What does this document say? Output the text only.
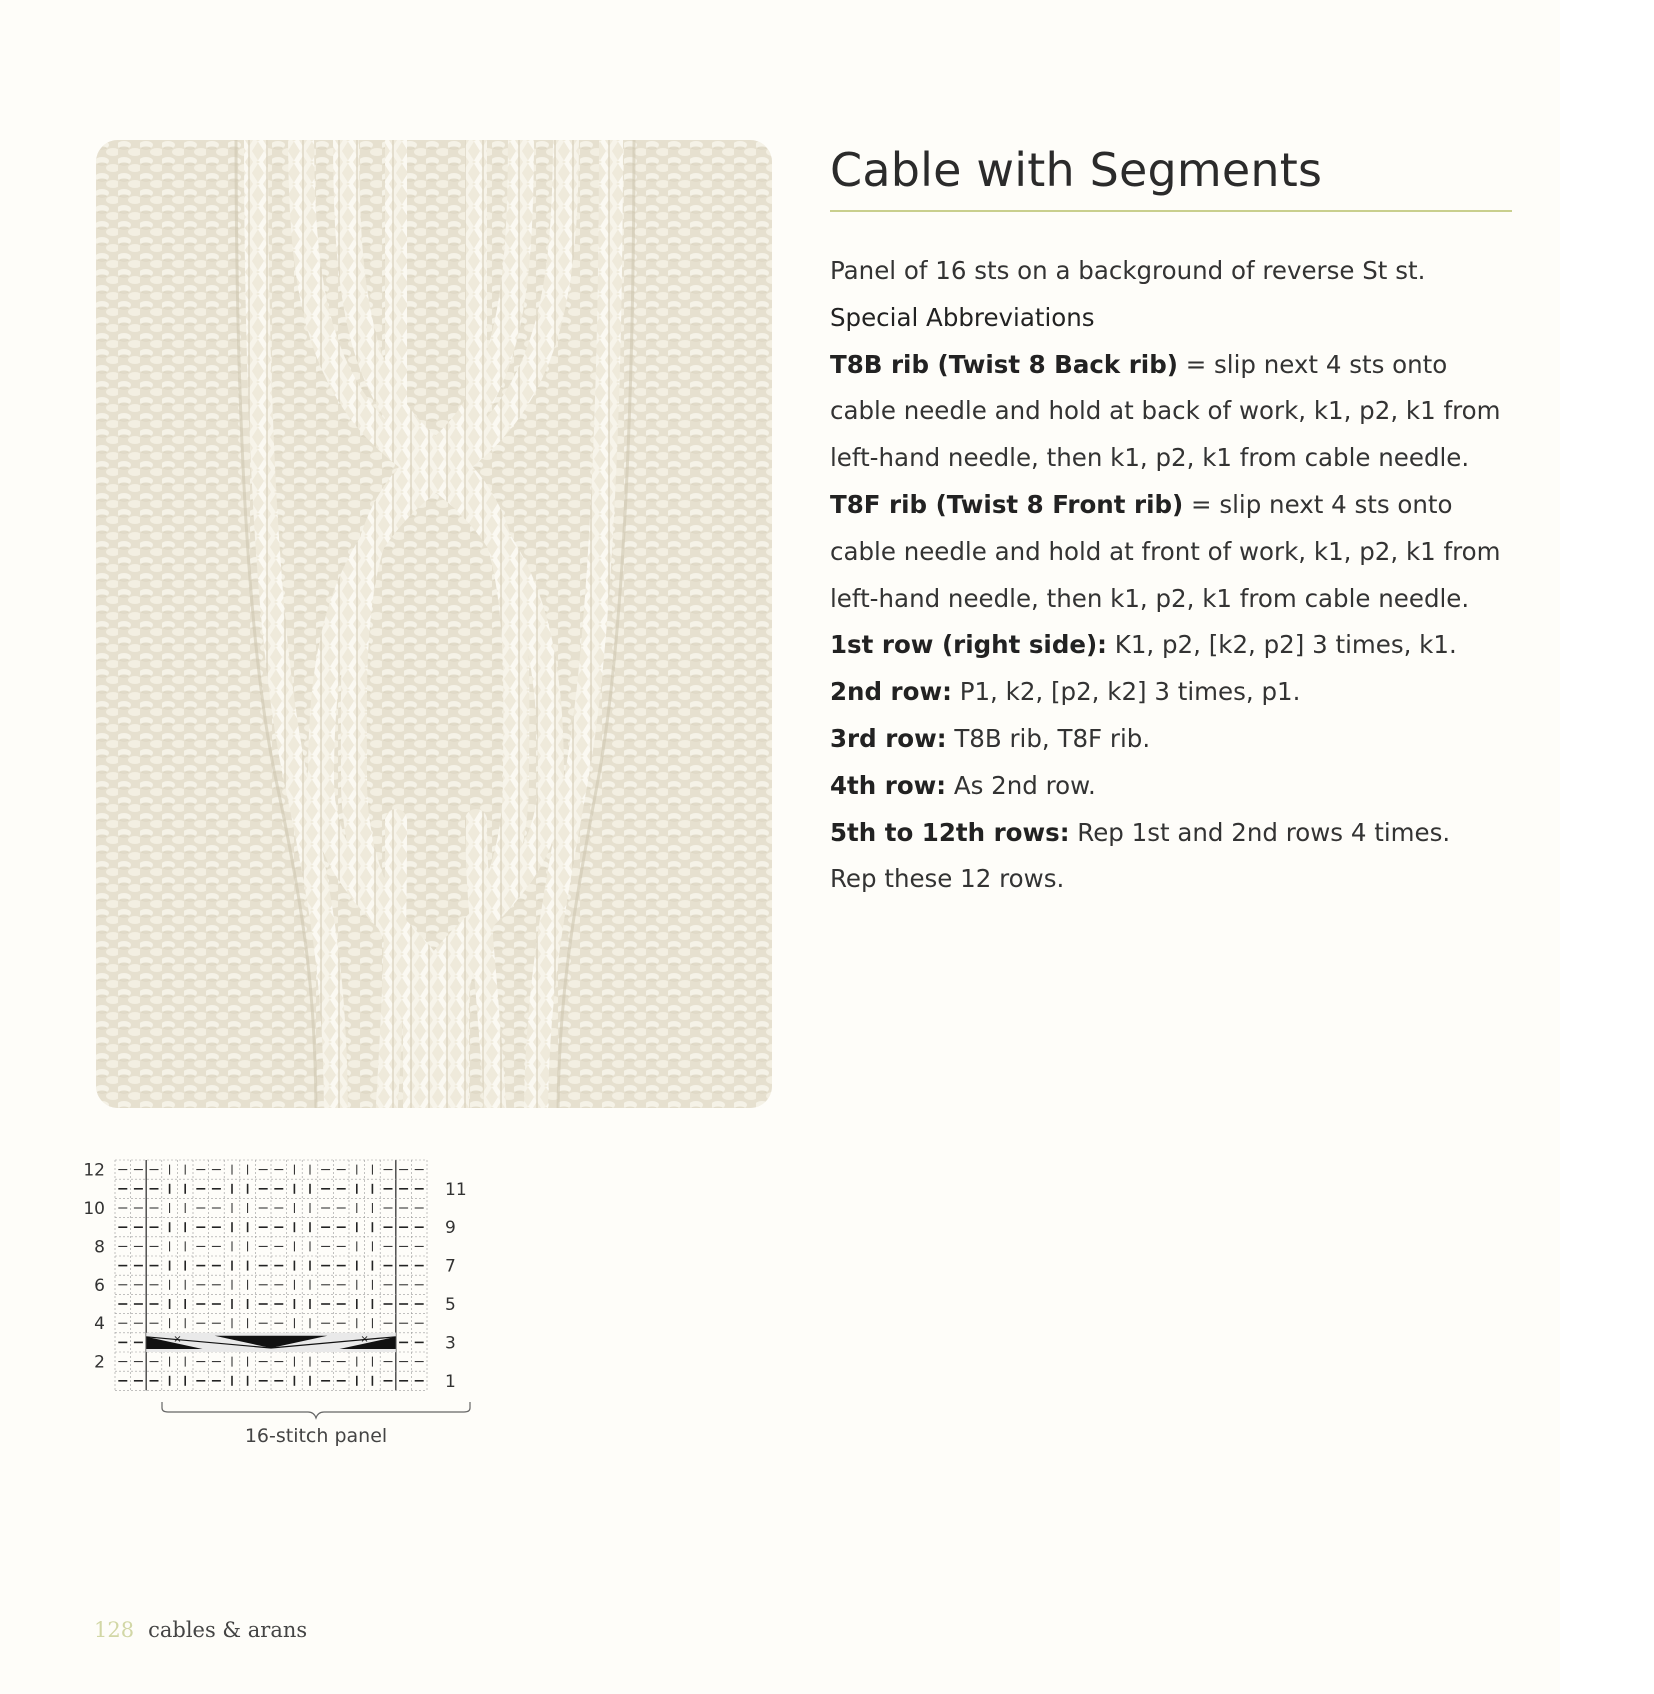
Cable with Segments

Panel of 16 sts on a background of reverse St st.

Special Abbreviations

T8B rib (Twist 8 Back rib) = slip next 4 sts onto cable needle and hold at back of work, k1, p2, k1 from left-hand needle, then k1, p2, k1 from cable needle.

T8F rib (Twist 8 Front rib) = slip next 4 sts onto cable needle and hold at front of work, k1, p2, k1 from left-hand needle, then k1, p2, k1 from cable needle.

1st row (right side): K1, p2, [k2, p2] 3 times, k1.

2nd row: P1, k2, [p2, k2] 3 times, p1.

3rd row: T8B rib, T8F rib.

4th row: As 2nd row.

5th to 12th rows: Rep 1st and 2nd rows 4 times.

Rep these 12 rows.

×	×
12
10
8
6
4
2
11
9
7
5
3
1
16-stitch panel
128 cables & arans
